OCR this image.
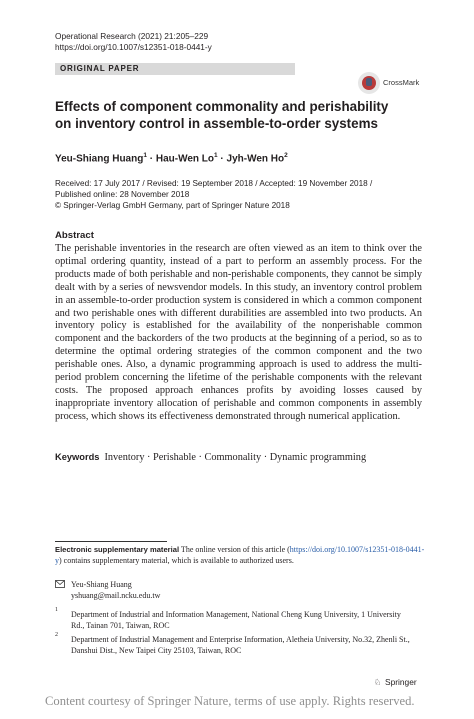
Operational Research (2021) 21:205–229
https://doi.org/10.1007/s12351-018-0441-y
ORIGINAL PAPER
CrossMark
Effects of component commonality and perishability
on inventory control in assemble-to-order systems
Yeu-Shiang Huang$^1$ · Hau-Wen $Lo^1 \cdot Jyh-Wen$ Ho$^2$
Received: 17 July 2017 / Revised: 19 September 2018 / Accepted: 19 November 2018 /
Published online: 28 November 2018
© Springer-Verlag GmbH Germany, part of Springer Nature 2018
Abstract
The perishable inventories in the research are often viewed as an item to think over the optimal ordering quantity, instead of a part to perform an assembly process. For the products made of both perishable and non-perishable components, they cannot be simply dealt with by a series of newsvendor models. In this study, an inventory control problem in an assemble-to-order production system is considered in which a common component and two perishable ones with different durabilities are assembled into two products. An inventory policy is established for the availability of the nonperishable common component and the backorders of the two products at the beginning of a period, so as to determine the optimal ordering strategies of the common component and the two perishable ones. Also, a dynamic programming approach is used to address the multi-period problem concerning the lifetime of the perishable components with the relevant costs. The proposed approach enhances profits by avoiding losses caused by inappropriate inventory allocation of perishable and common components in assembly process, which shows its effectiveness demonstrated through numerical application.
Keywords Inventory · Perishable · Commonality · Dynamic programming
Electronic supplementary material The online version of this article (https://doi.org/10.1007/s12351-018-0441-y) contains supplementary material, which is available to authorized users.
Yeu-Shiang Huang
yshuang@mail.ncku.edu.tw
1 Department of Industrial and Information Management, National Cheng Kung University, 1 University Rd., Tainan 701, Taiwan, ROC
2 Department of Industrial Management and Enterprise Information, Aletheia University, No.32, Zhenli St., Danshui Dist., New Taipei City 25103, Taiwan, ROC
♘ Springer
Content courtesy of Springer Nature, terms of use apply. Rights reserved.
